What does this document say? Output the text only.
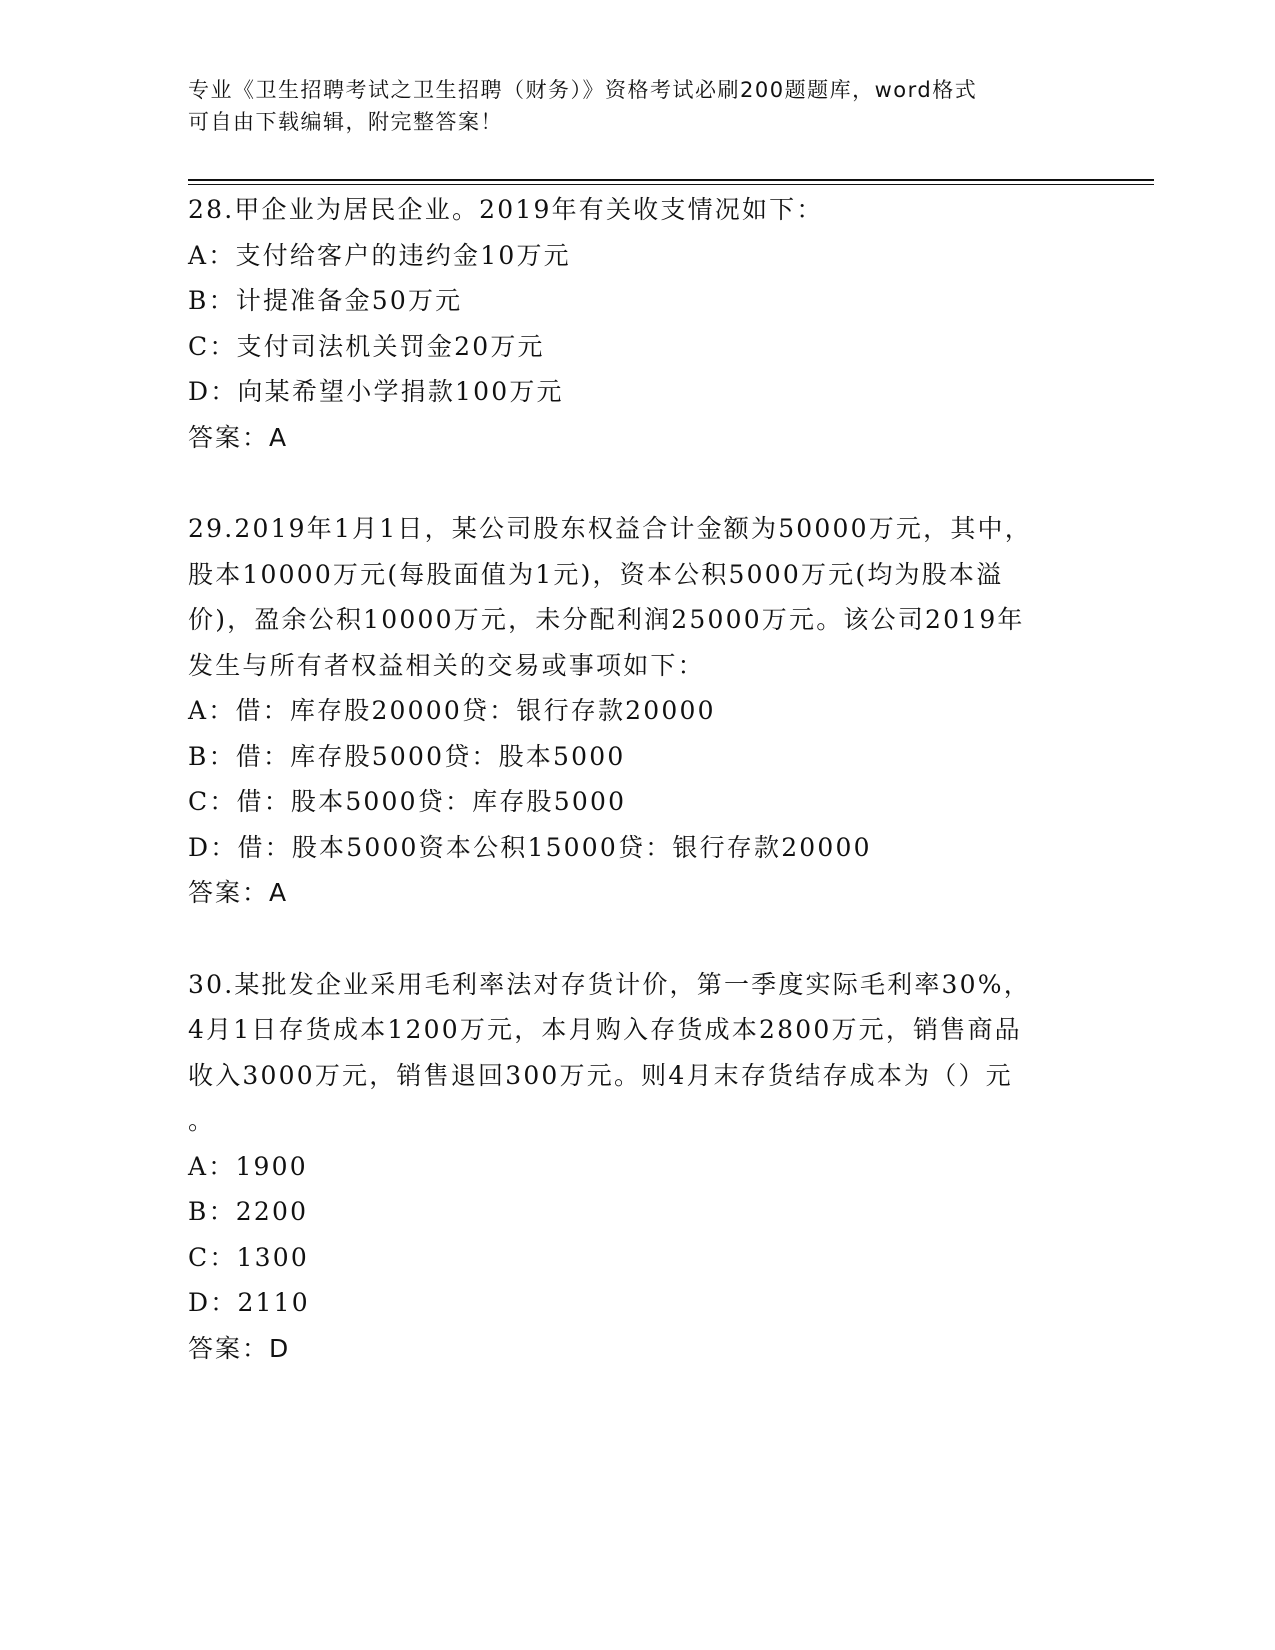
专业《卫生招聘考试之卫生招聘（财务）》资格考试必刷200题题库，word格式
可自由下载编辑，附完整答案！
28.甲企业为居民企业。2019年有关收支情况如下：
A：支付给客户的违约金10万元
B：计提准备金50万元
C：支付司法机关罚金20万元
D：向某希望小学捐款100万元
答案：A
29.2019年1月1日，某公司股东权益合计金额为50000万元，其中，
股本10000万元(每股面值为1元)，资本公积5000万元(均为股本溢
价)，盈余公积10000万元，未分配利润25000万元。该公司2019年
发生与所有者权益相关的交易或事项如下：
A：借：库存股20000贷：银行存款20000
B：借：库存股5000贷：股本5000
C：借：股本5000贷：库存股5000
D：借：股本5000资本公积15000贷：银行存款20000
答案：A
30.某批发企业采用毛利率法对存货计价，第一季度实际毛利率30%，
4月1日存货成本1200万元，本月购入存货成本2800万元，销售商品
收入3000万元，销售退回300万元。则4月末存货结存成本为（）元
。
A：1900
B：2200
C：1300
D：2110
答案：D
